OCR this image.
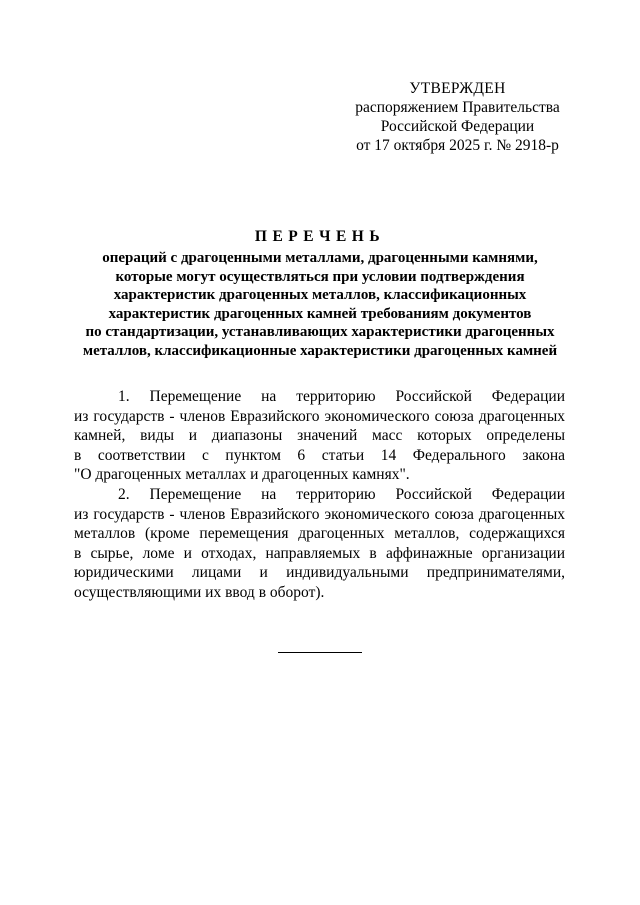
УТВЕРЖДЕН
распоряжением Правительства
Российской Федерации
от 17 октября 2025 г. № 2918-р
ПЕРЕЧЕНЬ
операций с драгоценными металлами, драгоценными камнями,
которые могут осуществляться при условии подтверждения
характеристик драгоценных металлов, классификационных
характеристик драгоценных камней требованиям документов
по стандартизации, устанавливающих характеристики драгоценных
металлов, классификационные характеристики драгоценных камней
1. Перемещение на территорию Российской Федерации
из государств - членов Евразийского экономического союза драгоценных
камней, виды и диапазоны значений масс которых определены
в соответствии с пунктом 6 статьи 14 Федерального закона
"О драгоценных металлах и драгоценных камнях".
2. Перемещение на территорию Российской Федерации
из государств - членов Евразийского экономического союза драгоценных
металлов (кроме перемещения драгоценных металлов, содержащихся
в сырье, ломе и отходах, направляемых в аффинажные организации
юридическими лицами и индивидуальными предпринимателями,
осуществляющими их ввод в оборот).
